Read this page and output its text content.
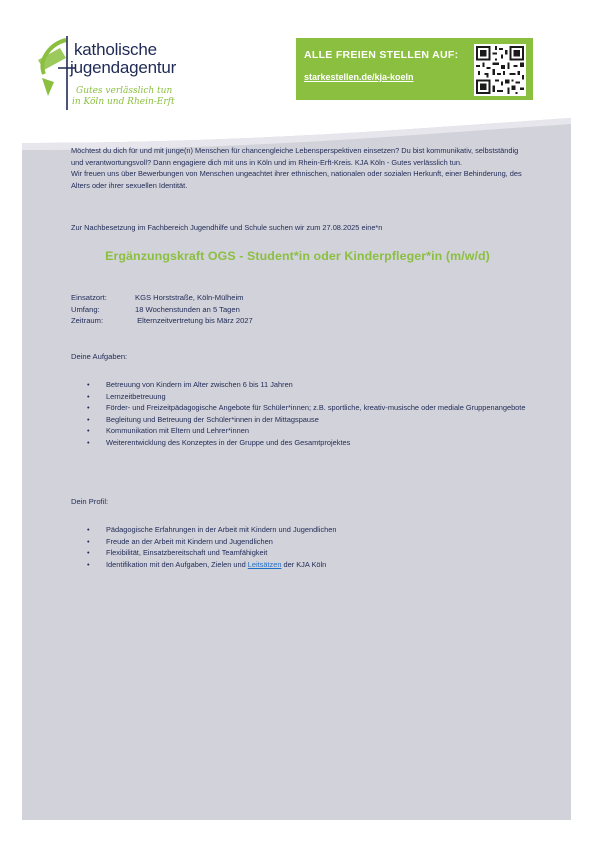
katholische
jugendagentur
Gutes verlässlich tun
in Köln und Rhein-Erft
ALLE FREIEN STELLEN AUF:
starkestellen.de/kja-koeln

Möchtest du dich für und mit junge(n) Menschen für chancengleiche Lebensperspektiven einsetzen? Du bist kommunikativ, selbstständig und verantwortungsvoll? Dann engagiere dich mit uns in Köln und im Rhein-Erft-Kreis. KJA Köln - Gutes verlässlich tun.

Wir freuen uns über Bewerbungen von Menschen ungeachtet ihrer ethnischen, nationalen oder sozialen Herkunft, einer Behinderung, des Alters oder ihrer sexuellen Identität.

Zur Nachbesetzung im Fachbereich Jugendhilfe und Schule suchen wir zum 27.08.2025 eine*n

Ergänzungskraft OGS - Student*in oder Kinderpfleger*in (m/w/d)
Einsatzort:	KGS Horststraße, Köln-Mülheim
Umfang:	18 Wochenstunden an 5 Tagen
Zeitraum:	Elternzeitvertretung bis März 2027
Deine Aufgaben:
• Betreuung von Kindern im Alter zwischen 6 bis 11 Jahren
• Lernzeitbetreuung
• Förder- und Freizeitpädagogische Angebote für Schüler*innen; z.B. sportliche, kreativ-musische oder mediale Gruppenangebote
• Begleitung und Betreuung der Schüler*innen in der Mittagspause
• Kommunikation mit Eltern und Lehrer*innen
• Weiterentwicklung des Konzeptes in der Gruppe und des Gesamtprojektes
Dein Profil:
• Pädagogische Erfahrungen in der Arbeit mit Kindern und Jugendlichen
• Freude an der Arbeit mit Kindern und Jugendlichen
• Flexibilität, Einsatzbereitschaft und Teamfähigkeit
• Identifikation mit den Aufgaben, Zielen und Leitsätzen der KJA Köln
